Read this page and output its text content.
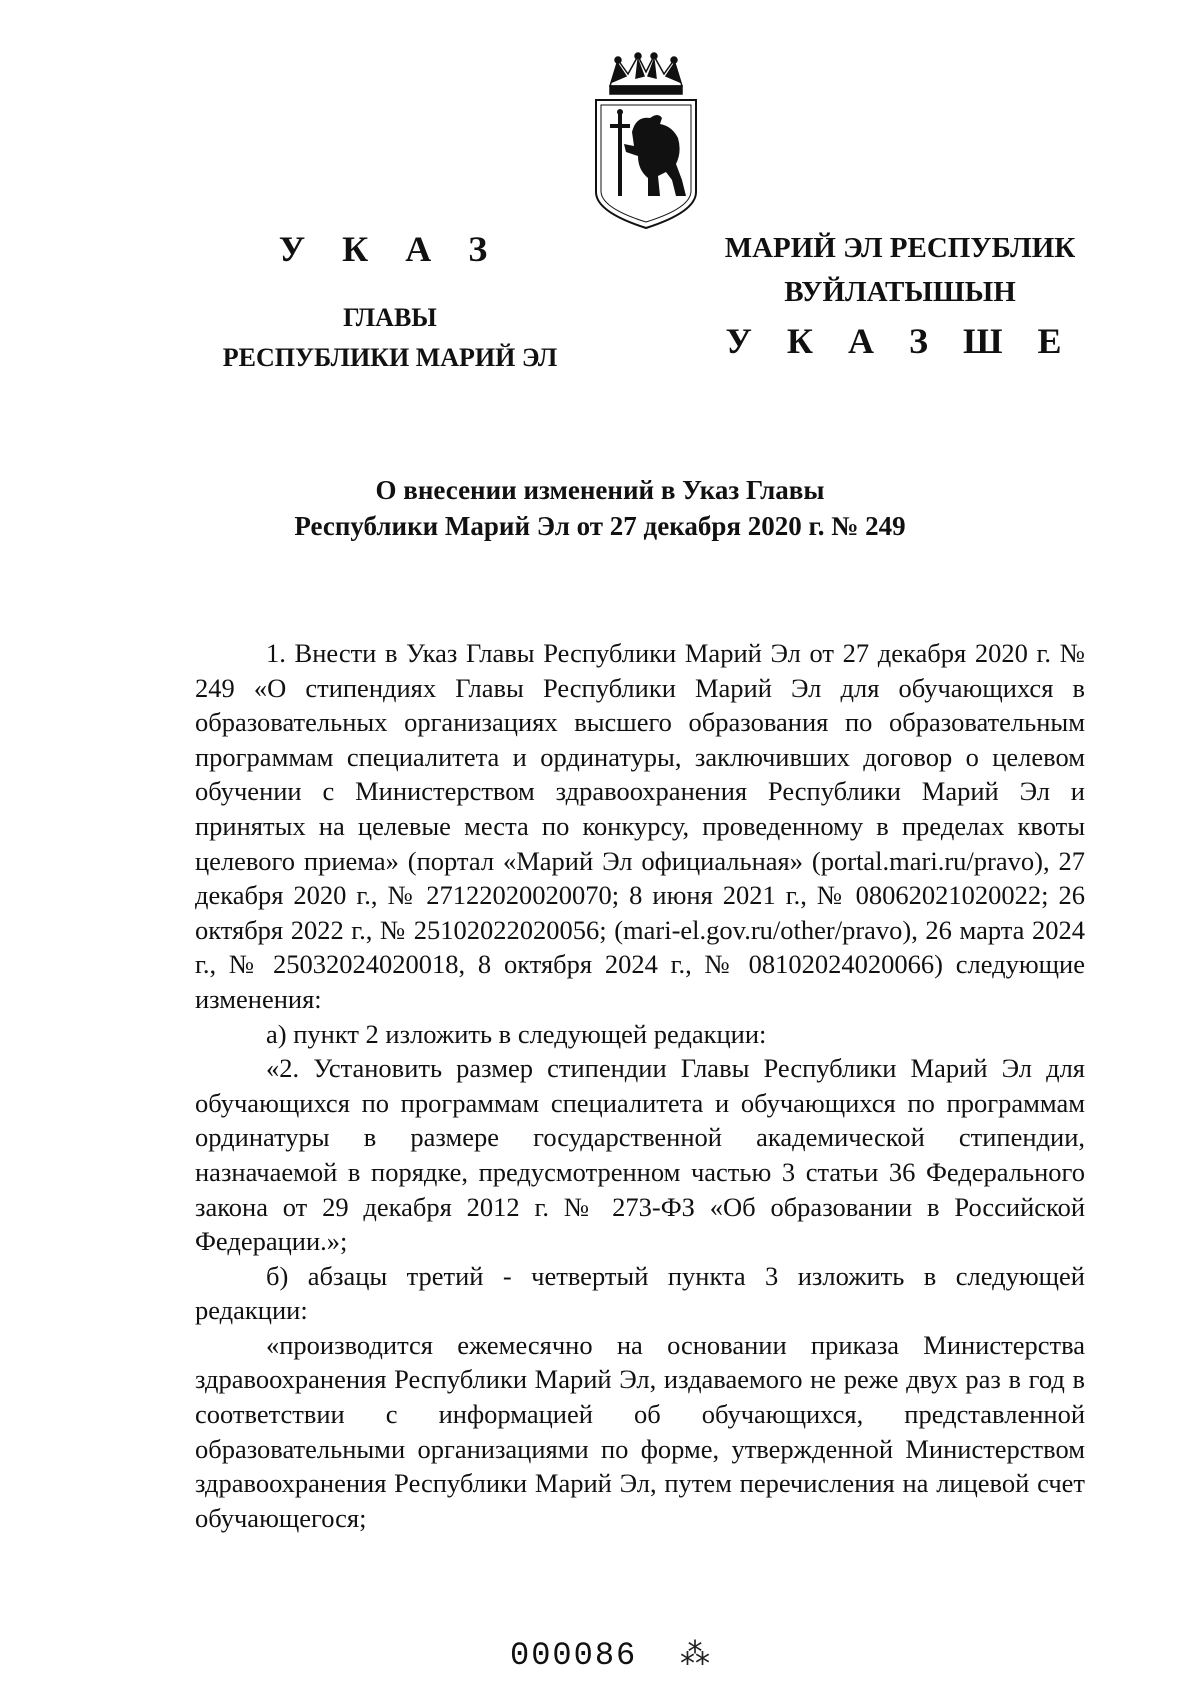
У К А З
ГЛАВЫ
РЕСПУБЛИКИ МАРИЙ ЭЛ
МАРИЙ ЭЛ РЕСПУБЛИК
ВУЙЛАТЫШЫН
У К А З Ш Е
О внесении изменений в Указ Главы
Республики Марий Эл от 27 декабря 2020 г. № 249

1. Внести в Указ Главы Республики Марий Эл от 27 декабря 2020 г. № 249 «О стипендиях Главы Республики Марий Эл для обучающихся в образовательных организациях высшего образования по образовательным программам специалитета и ординатуры, заключивших договор о целевом обучении с Министерством здравоохранения Республики Марий Эл и принятых на целевые места по конкурсу, проведенному в пределах квоты целевого приема» (портал «Марий Эл официальная» (portal.mari.ru/pravo), 27 декабря 2020 г., № 27122020020070; 8 июня 2021 г., № 08062021020022; 26 октября 2022 г., № 25102022020056; (mari-el.gov.ru/other/pravo), 26 марта 2024 г., № 25032024020018, 8 октября 2024 г., № 08102024020066) следующие изменения:

а) пункт 2 изложить в следующей редакции:

«2. Установить размер стипендии Главы Республики Марий Эл для обучающихся по программам специалитета и обучающихся по программам ординатуры в размере государственной академической стипендии, назначаемой в порядке, предусмотренном частью 3 статьи 36 Федерального закона от 29 декабря 2012 г. № 273-ФЗ «Об образовании в Российской Федерации.»;

б) абзацы третий - четвертый пункта 3 изложить в следующей редакции:

«производится ежемесячно на основании приказа Министерства здравоохранения Республики Марий Эл, издаваемого не реже двух раз в год в соответствии с информацией об обучающихся, представленной образовательными организациями по форме, утвержденной Министерством здравоохранения Республики Марий Эл, путем перечисления на лицевой счет обучающегося;

000086 ⁂
